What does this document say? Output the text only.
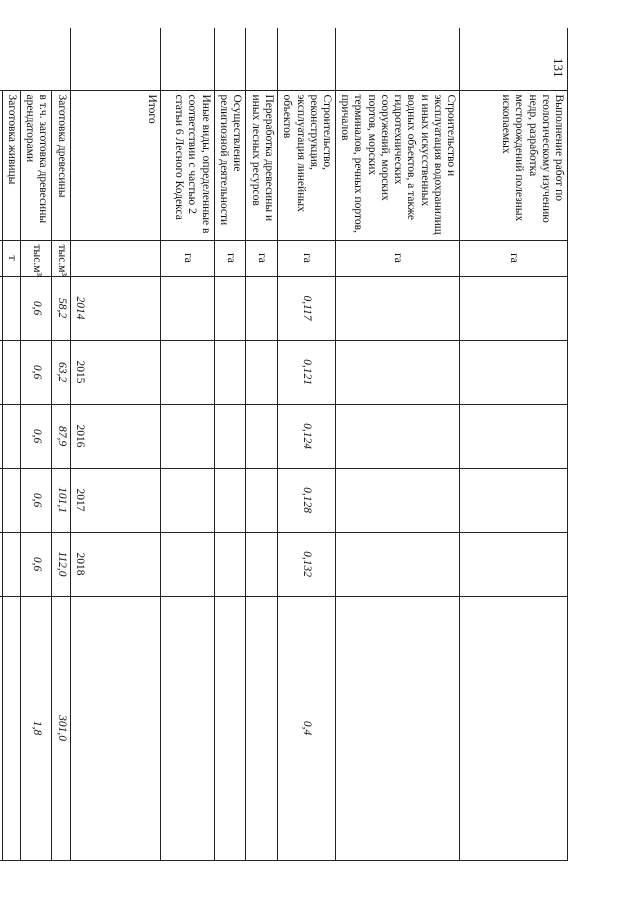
131
	Выполнение работ по геологическому изучению недр, разработка месторождений полезных ископаемых	га						
	Строительство и эксплуатация водохранилищ и иных искусственных водных объектов, а также гидротехнических сооружений, морских портов, морских терминалов, речных портов, причалов	га						
	Строительство, реконструкция, эксплуатация линейных объектов	га	0,117	0,121	0,124	0,128	0,132	0,4
	Переработка древесины и иных лесных ресурсов	га						
	Осуществление религиозной деятельности	га						
	Иные виды, определенные в соответствии с частью 2 статьи 6 Лесного Кодекса	га						
	Итого		2014	2015	2016	2017	2018	
	Заготовка древесины	тыс.м³	58,2	63,2	87,9	101,1	112,0	301,0
	в т.ч. заготовка древесины арендаторами	тыс.м³	0,6	0,6	0,6	0,6	0,6	1,8
	Заготовка живицы	т						
